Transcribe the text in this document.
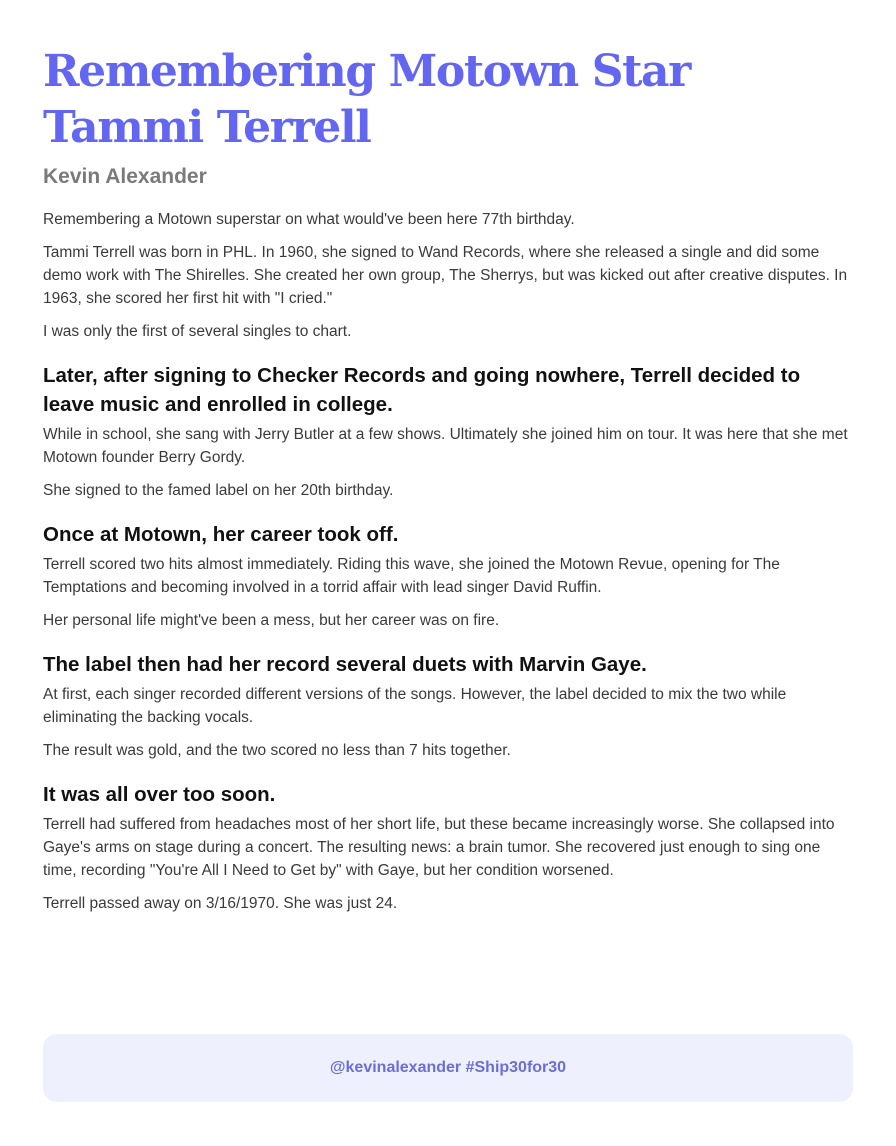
Remembering Motown Star Tammi Terrell
Kevin Alexander

Remembering a Motown superstar on what would've been here 77th birthday.

Tammi Terrell was born in PHL. In 1960, she signed to Wand Records, where she released a single and did some demo work with The Shirelles. She created her own group, The Sherrys, but was kicked out after creative disputes. In 1963, she scored her first hit with "I cried."

I was only the first of several singles to chart.

Later, after signing to Checker Records and going nowhere, Terrell decided to leave music and enrolled in college.

While in school, she sang with Jerry Butler at a few shows. Ultimately she joined him on tour. It was here that she met Motown founder Berry Gordy.

She signed to the famed label on her 20th birthday.

Once at Motown, her career took off.

Terrell scored two hits almost immediately. Riding this wave, she joined the Motown Revue, opening for The Temptations and becoming involved in a torrid affair with lead singer David Ruffin.

Her personal life might've been a mess, but her career was on fire.

The label then had her record several duets with Marvin Gaye.

At first, each singer recorded different versions of the songs. However, the label decided to mix the two while eliminating the backing vocals.

The result was gold, and the two scored no less than 7 hits together.

It was all over too soon.

Terrell had suffered from headaches most of her short life, but these became increasingly worse. She collapsed into Gaye's arms on stage during a concert. The resulting news: a brain tumor. She recovered just enough to sing one time, recording "You're All I Need to Get by" with Gaye, but her condition worsened.

Terrell passed away on 3/16/1970. She was just 24.

@kevinalexander #Ship30for30
